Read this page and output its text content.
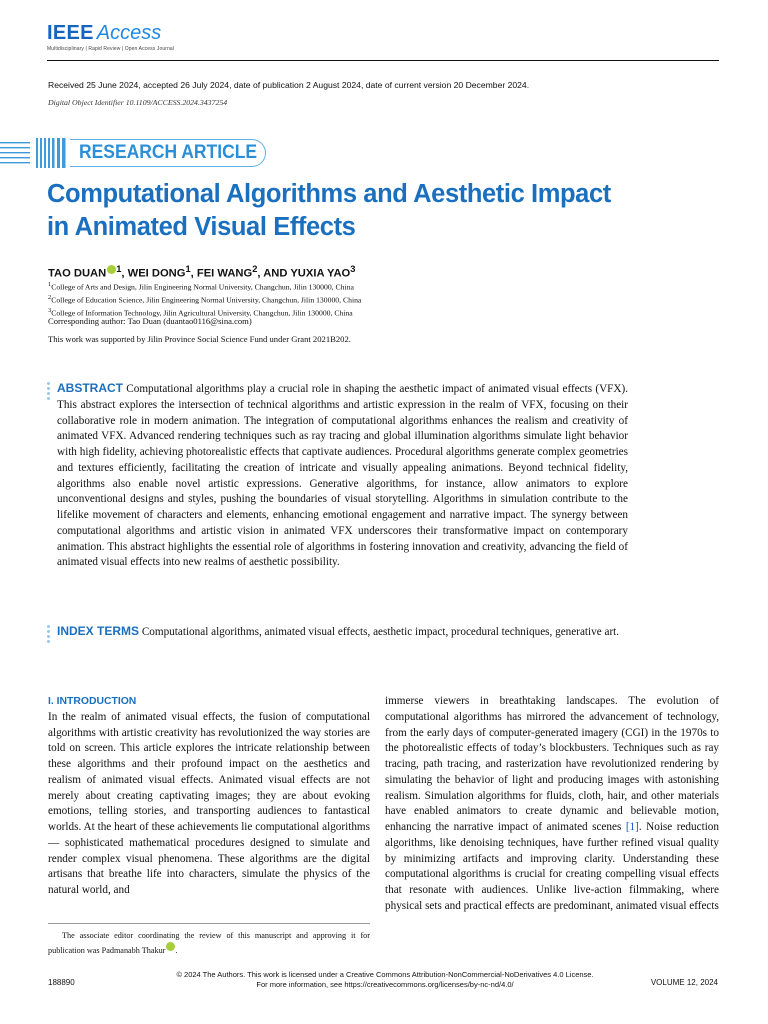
IEEE Access
Multidisciplinary | Rapid Review | Open Access Journal
Received 25 June 2024, accepted 26 July 2024, date of publication 2 August 2024, date of current version 20 December 2024.
Digital Object Identifier 10.1109/ACCESS.2024.3437254
RESEARCH ARTICLE
Computational Algorithms and Aesthetic Impact
in Animated Visual Effects
TAO DUAN $^1$, WEI DONG$^1$, FEI WANG$^2$, AND YUXIA YAO$^3$
$^1$College of Arts and Design, Jilin Engineering Normal University, Changchun, Jilin 130000, China
$^2$College of Education Science, Jilin Engineering Normal University, Changchun, Jilin 130000, China
$^3$College of Information Technology, Jilin Agricultural University, Changchun, Jilin 130000, China
Corresponding author: Tao Duan (duantao0116@sina.com)
This work was supported by Jilin Province Social Science Fund under Grant 2021B202.
ABSTRACT Computational algorithms play a crucial role in shaping the aesthetic impact of animated visual effects (VFX). This abstract explores the intersection of technical algorithms and artistic expression in the realm of VFX, focusing on their collaborative role in modern animation. The integration of computational algorithms enhances the realism and creativity of animated VFX. Advanced rendering techniques such as ray tracing and global illumination algorithms simulate light behavior with high fidelity, achieving photorealistic effects that captivate audiences. Procedural algorithms generate complex geometries and textures efficiently, facilitating the creation of intricate and visually appealing animations. Beyond technical fidelity, algorithms also enable novel artistic expressions. Generative algorithms, for instance, allow animators to explore unconventional designs and styles, pushing the boundaries of visual storytelling. Algorithms in simulation contribute to the lifelike movement of characters and elements, enhancing emotional engagement and narrative impact. The synergy between computational algorithms and artistic vision in animated VFX underscores their transformative impact on contemporary animation. This abstract highlights the essential role of algorithms in fostering innovation and creativity, advancing the field of animated visual effects into new realms of aesthetic possibility.
INDEX TERMS Computational algorithms, animated visual effects, aesthetic impact, procedural techniques, generative art.
I. INTRODUCTION
In the realm of animated visual effects, the fusion of computational algorithms with artistic creativity has revolutionized the way stories are told on screen. This article explores the intricate relationship between these algorithms and their profound impact on the aesthetics and realism of animated visual effects. Animated visual effects are not merely about creating captivating images; they are about evoking emotions, telling stories, and transporting audiences to fantastical worlds. At the heart of these achievements lie computational algorithms — sophisticated mathematical procedures designed to simulate and render complex visual phenomena. These algorithms are the digital artisans that breathe life into characters, simulate the physics of the natural world, and
immerse viewers in breathtaking landscapes. The evolution of computational algorithms has mirrored the advancement of technology, from the early days of computer-generated imagery (CGI) in the 1970s to the photorealistic effects of today’s blockbusters. Techniques such as ray tracing, path tracing, and rasterization have revolutionized rendering by simulating the behavior of light and producing images with astonishing realism. Simulation algorithms for fluids, cloth, hair, and other materials have enabled animators to create dynamic and believable motion, enhancing the narrative impact of animated scenes [1]. Noise reduction algorithms, like denoising techniques, have further refined visual quality by minimizing artifacts and improving clarity. Understanding these computational algorithms is crucial for creating compelling visual effects that resonate with audiences. Unlike live-action filmmaking, where physical sets and practical effects are predominant, animated visual effects
The associate editor coordinating the review of this manuscript and approving it for publication was Padmanabh Thakur .
188890
© 2024 The Authors. This work is licensed under a Creative Commons Attribution-NonCommercial-NoDerivatives 4.0 License.
For more information, see https://creativecommons.org/licenses/by-nc-nd/4.0/	VOLUME 12, 2024
